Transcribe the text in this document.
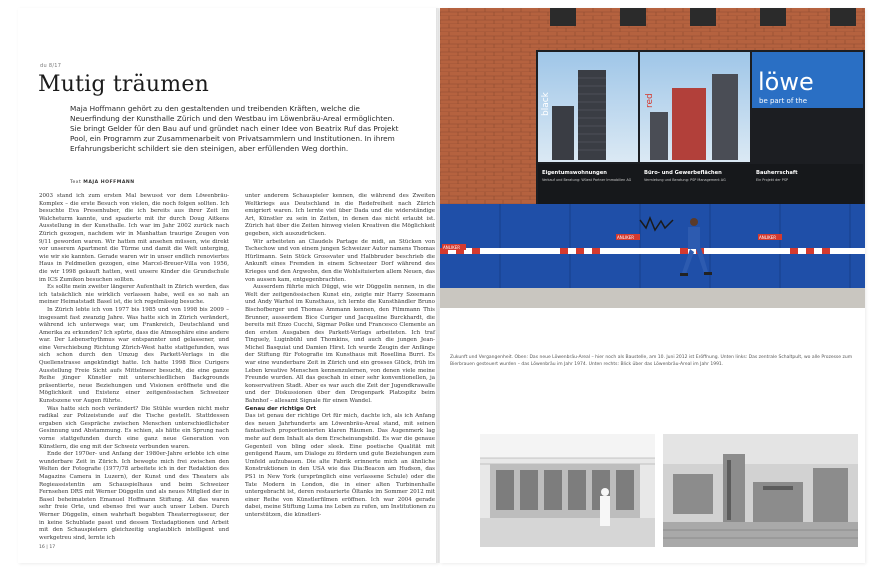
du 8/17
Mutig träumen

Maja Hoffmann gehört zu den gestaltenden und treibenden Kräften, welche die Neuerfindung der Kunsthalle Zürich und den Westbau im Löwenbräu-Areal ermöglichten. Sie bringt Gelder für den Bau auf und gründet nach einer Idee von Beatrix Ruf das Projekt Pool, ein Programm zur Zusammenarbeit von Privatsammlern und Institutionen. In ihrem Erfahrungsbericht schildert sie den steinigen, aber erfüllenden Weg dorthin.

Text MAJA HOFFMANN

2003 stand ich zum ersten Mal bewusst vor dem Löwenbräu-Komplex – die erste Besuch von vielen, die noch folgen sollten. Ich besuchte Eva Presenhuber, die ich bereits aus ihrer Zeit im Walcheturm kannte, und spazierte mit ihr durch Doug Aitkens Ausstellung in der Kunsthalle. Ich war im Jahr 2002 zurück nach Zürich gezogen, nachdem wir in Manhattan traurige Zeugen von 9/11 geworden waren. Wir hatten mit ansehen müssen, wie direkt vor unserem Apartment die Türme und damit die Welt unterging, wie wir sie kannten. Gerade waren wir in unser endlich renoviertes Haus in Feldmeilen gezogen, eine Marcel-Breuer-Villa von 1956, die wir 1998 gekauft hatten, weil unsere Kinder die Grundschule im ICS Zumikon besuchen sollten.

Es sollte mein zweiter längerer Aufenthalt in Zürich werden, das ich tatsächlich nie wirklich verlassen habe, weil es so nah an meiner Heimatstadt Basel ist, die ich regelmässig besuche.

In Zürich lebte ich von 1977 bis 1985 und von 1998 bis 2009 – insgesamt fast zwanzig Jahre. Was hatte sich in Zürich verändert, während ich unterwegs war, um Frankreich, Deutschland und Amerika zu erkunden? Ich spürte, dass die Atmosphäre eine andere war. Der Lebensrhythmus war entspannter und gelassener, und eine Verschiebung Richtung Zürich-West hatte stattgefunden, was sich schon durch den Umzug des Parkett-Verlags in die Quellenstrasse angekündigt hatte. Ich hatte 1998 Bice Curigers Ausstellung Freie Sicht aufs Mittelmeer besucht, die eine ganze Reihe jünger Künstler mit unterschiedlichen Backgrounds präsentierte, neue Beziehungen und Visionen eröffnete und die Möglichkeit und Existenz einer zeitgenössischen Schweizer Kunstszene vor Augen führte.

Was hatte sich noch verändert? Die Stühle wurden nicht mehr radikal zur Polizeistunde auf die Tische gestellt. Stattdessen ergaben sich Gespräche zwischen Menschen unterschiedlichster Gesinnung und Abstammung. Es schien, als hätte ein Sprung nach vorne stattgefunden durch eine ganz neue Generation von Künstlern, die eng mit der Schweiz verbunden waren.

Ende der 1970er- und Anfang der 1980er-Jahre erlebte ich eine wunderbare Zeit in Zürich. Ich bewegte mich frei zwischen den Welten der Fotografie (1977/78 arbeitete ich in der Redaktion des Magazins Camera in Luzern), der Kunst und des Theaters als Regieassistentin am Schauspielhaus und beim Schweizer Fernsehen DRS mit Werner Düggelin und als neues Mitglied der in Basel beheimateten Emanuel Hoffmann Stiftung. All das waren sehr freie Orte, und ebenso frei war auch unser Leben. Durch Werner Düggelin, einen wahrhaft begabten Theaterregisseur, der in keine Schublade passt und dessen Textadaptionen und Arbeit mit den Schauspielern gleichzeitig unglaublich intelligent und werkgetreu sind, lernte ich

unter anderem Schauspieler kennen, die während des Zweiten Weltkriegs aus Deutschland in die Redefreiheit nach Zürich emigriert waren. Ich lernte viel über Dada und die widerständige Art, Künstler zu sein in Zeiten, in denen das nicht erlaubt ist. Zürich hat über die Zeiten hinweg vielen Kreativen die Möglichkeit gegeben, sich auszudrücken.

Wir arbeiteten an Claudels Partage de midi, an Stücken von Tschechow und von einem jungen Schweizer Autor namens Thomas Hürlimann. Sein Stück Grossvater und Halbbruder beschrieb die Ankunft eines Fremden in einem Schweizer Dorf während des Krieges und den Argwohn, den die Wohlsituierten allem Neuen, das von aussen kam, entgegenbrachten.

Ausserdem führte mich Düggi, wie wir Düggelin nennen, in die Welt der zeitgenössischen Kunst ein, zeigte mir Harry Szeemann und Andy Warhol im Kunsthaus, ich lernte die Kunsthändler Bruno Bischofberger und Thomas Ammann kennen, den Filmmann This Brunner, ausserdem Bice Curiger und Jacqueline Burckhardt, die bereits mit Enzo Cucchi, Sigmar Polke und Francesco Clemente an den ersten Ausgaben des Parkett-Verlags arbeiteten. Ich traf Tinguely, Luginbühl und Thomkins, und auch die jungen Jean-Michel Basquiat und Damien Hirst. Ich wurde Zeugin der Anfänge der Stiftung für Fotografie im Kunsthaus mit Rosellina Burri. Es war eine wunderbare Zeit in Zürich und ein grosses Glück, früh im Leben kreative Menschen kennenzulernen, von denen viele meine Freunde wurden. All das geschah in einer sehr konventionellen, ja konservativen Stadt. Aber es war auch die Zeit der Jugendkrawalle und der Diskussionen über den Drogenpark Platzspitz beim Bahnhof – allesamt Signale für einen Wandel.

Genau der richtige Ort

Das ist genau der richtige Ort für mich, dachte ich, als ich Anfang des neuen Jahrhunderts am Löwenbräu-Areal stand, mit seinen fantastisch proportionierten klaren Räumen. Das Augenmerk lag mehr auf dem Inhalt als dem Erscheinungsbild. Es war die genaue Gegenteil von bling oder sleek. Eine poetische Qualität mit genügend Raum, um Dialoge zu fördern und gute Beziehungen zum Umfeld aufzubauen. Die alte Fabrik erinnerte mich an ähnliche Konstruktionen in den USA wie das Dia:Beacon am Hudson, das PS1 in New York (ursprünglich eine verlassene Schule) oder die Tate Modern in London, die in einer alten Turbinenhalle untergebracht ist, deren restaurierte Öltanks im Sommer 2012 mit einer Reihe von Künstlerfilmen eröffnen. Ich war 2004 gerade dabei, meine Stiftung Luma ins Leben zu rufen, um Institutionen zu unterstützen, die künstleri-

16 | 17
löwe
be part of the
black	red
Eigentumswohnungen
Verkauf und Beratung: Wüest Partner Immobilien AG
Büro- und Gewerbeflächen
Vermietung und Beratung: PSP Management AG
Bauherrschaft
Ein Projekt der PSP
ANLIKER
ANLIKER	ANLIKER

Zukunft und Vergangenheit. Oben: Das neue Löwenbräu-Areal – hier noch als Baustelle, am 10. Juni 2012 ist Eröffnung. Unten links: Das zentrale Schaltpult, wo alle Prozesse zum Bierbrauen gesteuert wurden – das Löwenbräu im Jahr 1974. Unten rechts: Blick über das Löwenbräu-Areal im Jahr 1991.
